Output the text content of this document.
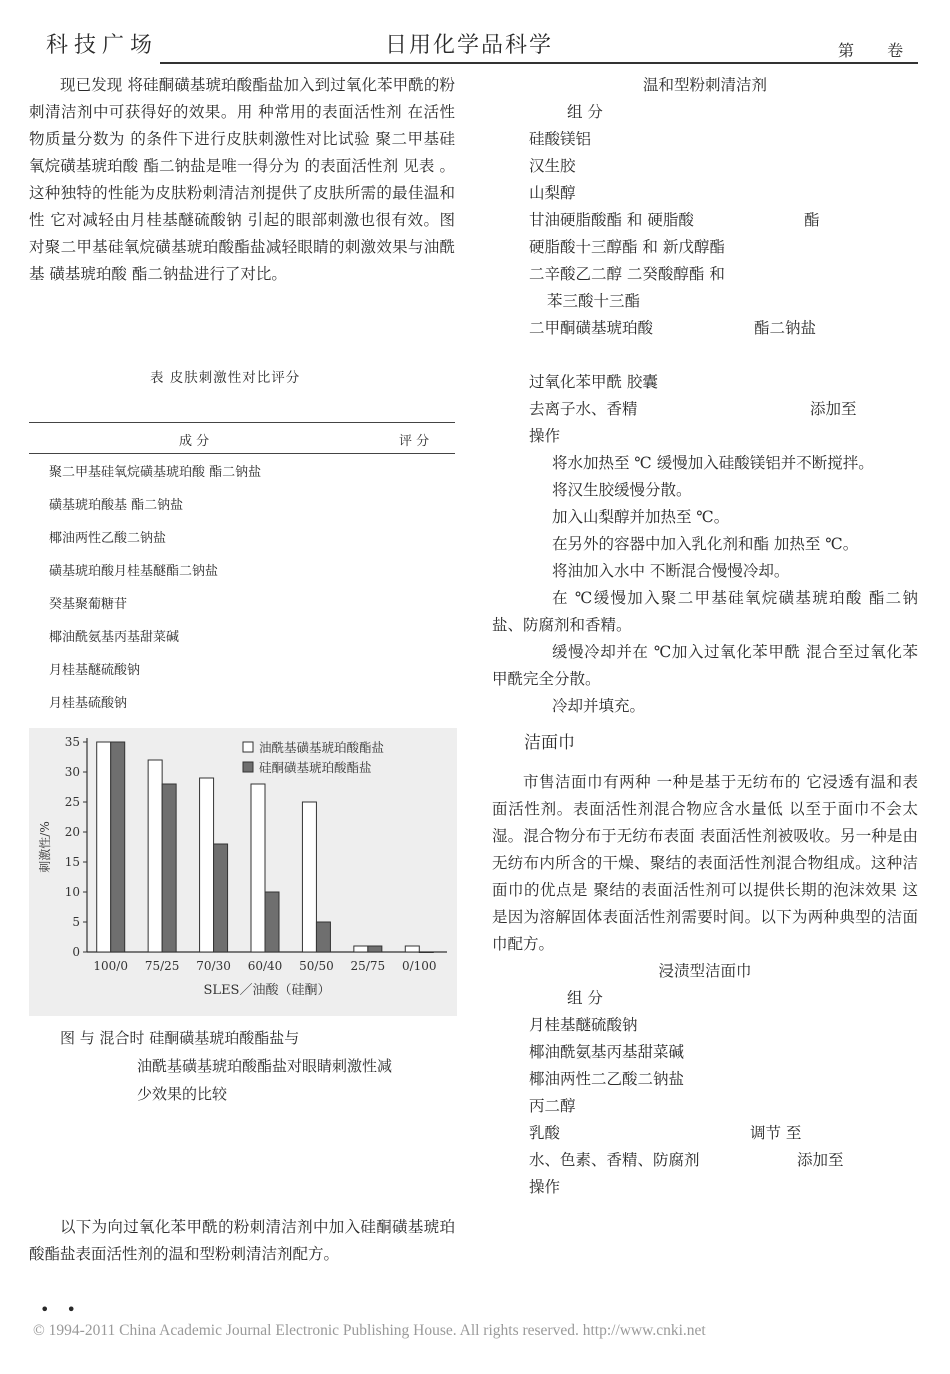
科技广场	日用化学品科学	第 卷

现已发现 将硅酮磺基琥珀酸酯盐加入到过氧化苯甲酰的粉刺清洁剂中可获得好的效果。用 种常用的表面活性剂 在活性物质量分数为 的条件下进行皮肤刺激性对比试验 聚二甲基硅氧烷磺基琥珀酸 酯二钠盐是唯一得分为 的表面活性剂 见表 。这种独特的性能为皮肤粉刺清洁剂提供了皮肤所需的最佳温和性 它对减轻由月桂基醚硫酸钠 引起的眼部刺激也很有效。图 对聚二甲基硅氧烷磺基琥珀酸酯盐减轻眼睛的刺激效果与油酰基 磺基琥珀酸 酯二钠盐进行了对比。

表 皮肤刺激性对比评分
成 分	评 分
聚二甲基硅氧烷磺基琥珀酸 酯二钠盐
磺基琥珀酸基 酯二钠盐
椰油两性乙酸二钠盐
磺基琥珀酸月桂基醚酯二钠盐
癸基聚葡糖苷
椰油酰氨基丙基甜菜碱
月桂基醚硫酸钠
月桂基硫酸钠
0
5
10
15
20
25
30
35
刺激性/%
100/0 75/25 70/30 60/40 50/50 25/75 0/100
SLES／油酸（硅酮）
油酰基磺基琥珀酸酯盐
硅酮磺基琥珀酸酯盐
图 与 混合时 硅酮磺基琥珀酸酯盐与
油酰基磺基琥珀酸酯盐对眼睛刺激性减
少效果的比较

以下为向过氧化苯甲酰的粉刺清洁剂中加入硅酮磺基琥珀酸酯盐表面活性剂的温和型粉刺清洁剂配方。

• •
温和型粉刺清洁剂
组 分
硅酸镁铝
汉生胶
山梨醇
甘油硬脂酸酯 和 硬脂酸	酯
硬脂酸十三醇酯 和 新戊醇酯
二辛酸乙二醇 二癸酸醇酯 和
苯三酸十三酯
二甲酮磺基琥珀酸	酯二钠盐
过氧化苯甲酰 胶囊
去离子水、香精	添加至
操作

将水加热至 ℃ 缓慢加入硅酸镁铝并不断搅拌。

将汉生胶缓慢分散。

加入山梨醇并加热至 ℃。

在另外的容器中加入乳化剂和酯 加热至 ℃。

将油加入水中 不断混合慢慢冷却。

在 ℃缓慢加入聚二甲基硅氧烷磺基琥珀酸 酯二钠盐、防腐剂和香精。

缓慢冷却并在 ℃加入过氧化苯甲酰 混合至过氧化苯甲酰完全分散。

冷却并填充。

洁面巾

市售洁面巾有两种 一种是基于无纺布的 它浸透有温和表面活性剂。表面活性剂混合物应含水量低 以至于面巾不会太湿。混合物分布于无纺布表面 表面活性剂被吸收。另一种是由无纺布内所含的干燥、聚结的表面活性剂混合物组成。这种洁面巾的优点是 聚结的表面活性剂可以提供长期的泡沫效果 这是因为溶解固体表面活性剂需要时间。以下为两种典型的洁面巾配方。

浸渍型洁面巾
组 分
月桂基醚硫酸钠
椰油酰氨基丙基甜菜碱
椰油两性二乙酸二钠盐
丙二醇
乳酸	调节 至
水、色素、香精、防腐剂	添加至
操作
© 1994-2011 China Academic Journal Electronic Publishing House. All rights reserved. http://www.cnki.net
